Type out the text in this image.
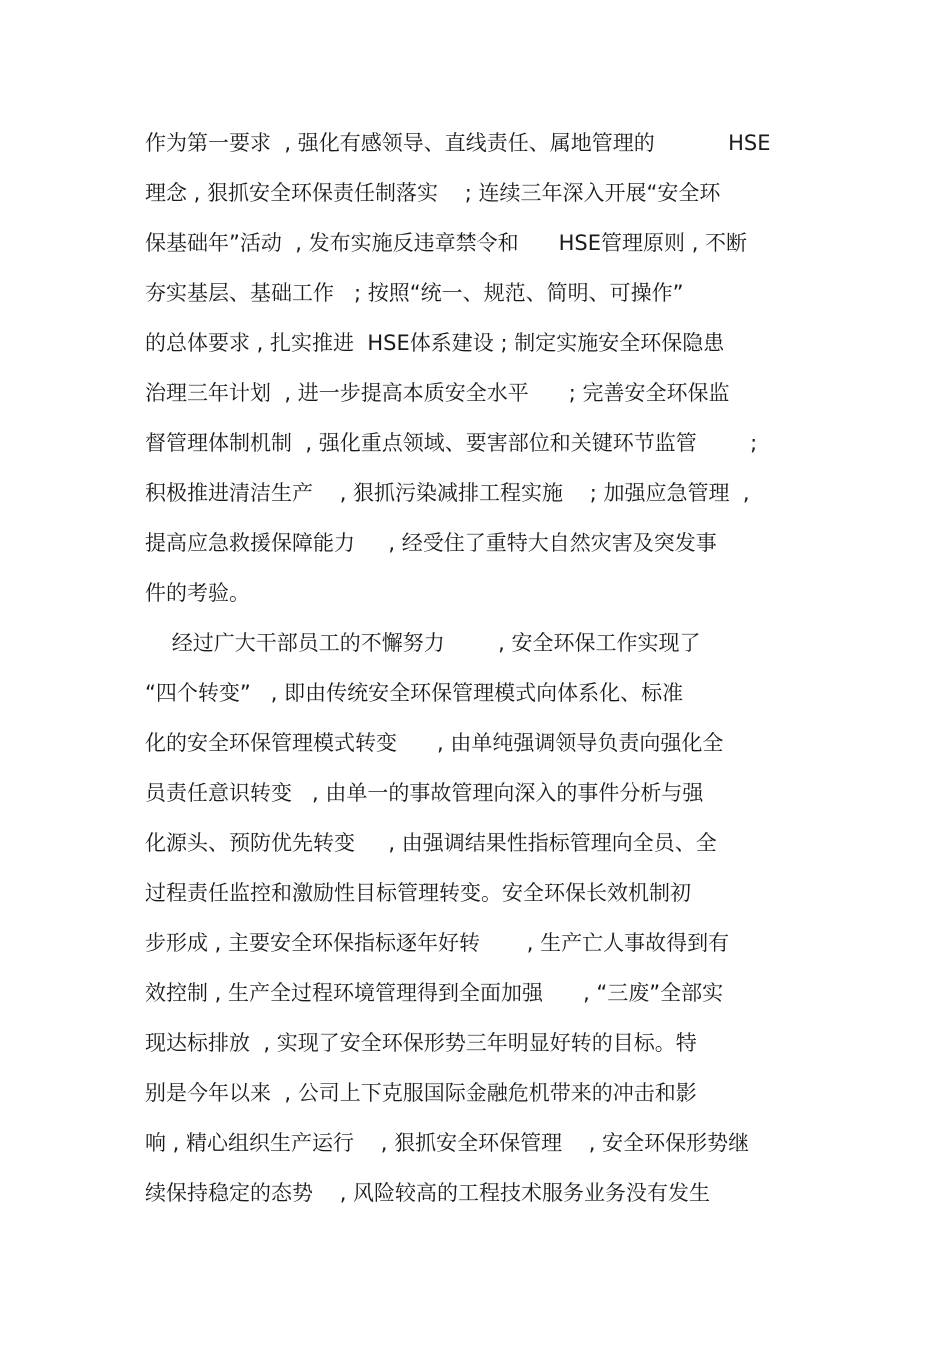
作为第一要求  , 强化有感领导、直线责任、属地管理的           HSE
理念 , 狠抓安全环保责任制落实    ; 连续三年深入开展“安全环
保基础年”活动  , 发布实施反违章禁令和      HSE管理原则 , 不断
夯实基层、基础工作   ; 按照“统一、规范、简明、可操作”
的总体要求 , 扎实推进  HSE体系建设 ; 制定实施安全环保隐患
治理三年计划  , 进一步提高本质安全水平      ; 完善安全环保监
督管理体制机制  , 强化重点领域、要害部位和关键环节监管        ;
积极推进清洁生产    , 狠抓污染减排工程实施    ; 加强应急管理  ,
提高应急救援保障能力     , 经受住了重特大自然灾害及突发事
件的考验。
经过广大干部员工的不懈努力        , 安全环保工作实现了
“四个转变”   , 即由传统安全环保管理模式向体系化、标准
化的安全环保管理模式转变      , 由单纯强调领导负责向强化全
员责任意识转变   , 由单一的事故管理向深入的事件分析与强
化源头、预防优先转变     , 由强调结果性指标管理向全员、全
过程责任监控和激励性目标管理转变。安全环保长效机制初
步形成 , 主要安全环保指标逐年好转       , 生产亡人事故得到有
效控制 , 生产全过程环境管理得到全面加强      , “三废”全部实
现达标排放  , 实现了安全环保形势三年明显好转的目标。特
别是今年以来  , 公司上下克服国际金融危机带来的冲击和影
响 , 精心组织生产运行    , 狠抓安全环保管理    , 安全环保形势继
续保持稳定的态势    , 风险较高的工程技术服务业务没有发生
